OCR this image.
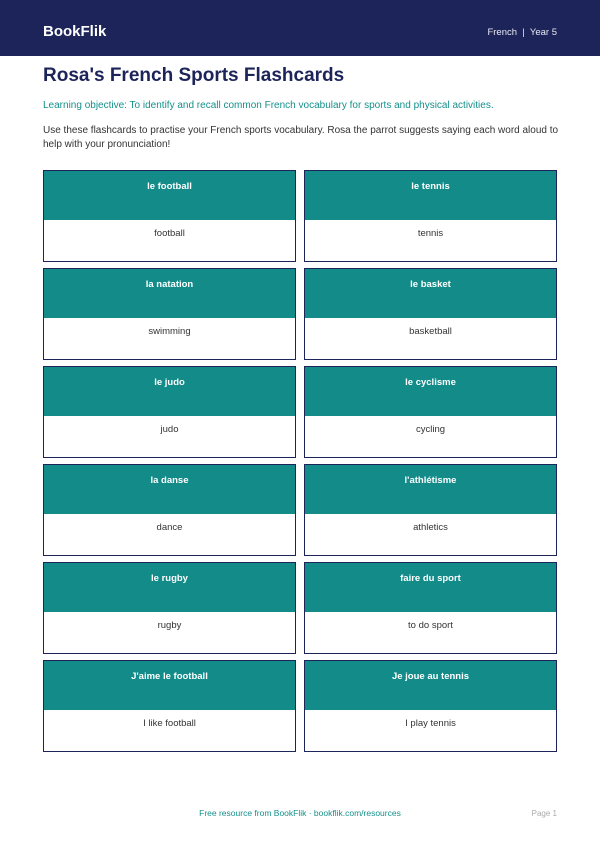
BookFlik	French  |  Year 5
Rosa's French Sports Flashcards
Learning objective: To identify and recall common French vocabulary for sports and physical activities.
Use these flashcards to practise your French sports vocabulary. Rosa the parrot suggests saying each word aloud to help with your pronunciation!
le football
football
le tennis
tennis
la natation
swimming
le basket
basketball
le judo
judo
le cyclisme
cycling
la danse
dance
l'athlétisme
athletics
le rugby
rugby
faire du sport
to do sport
J'aime le football
I like football
Je joue au tennis
I play tennis
Free resource from BookFlik · bookflik.com/resources	Page 1
